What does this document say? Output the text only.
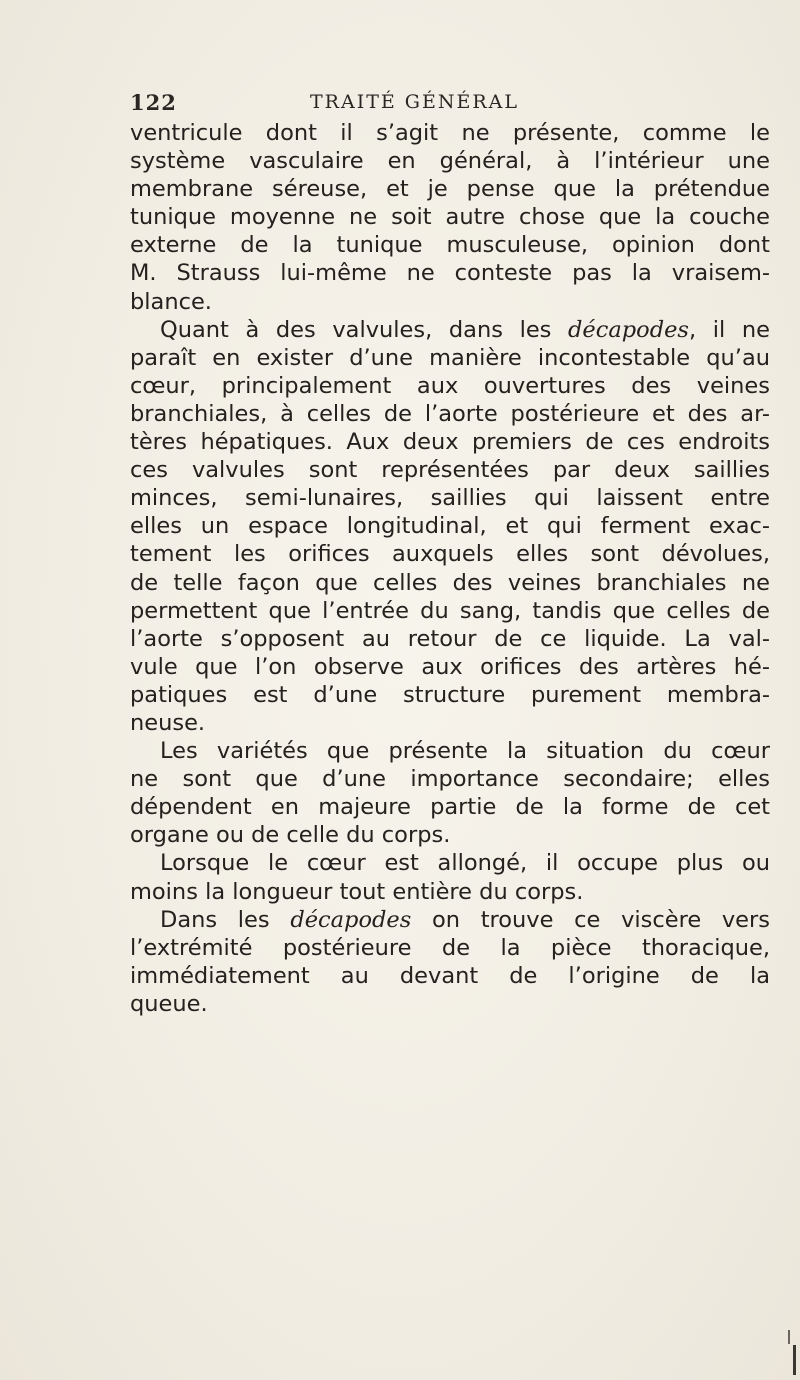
122	TRAITÉ GÉNÉRAL
ventricule dont il s’agit ne présente, comme le
système vasculaire en général, à l’intérieur une
membrane séreuse, et je pense que la prétendue
tunique moyenne ne soit autre chose que la couche
externe de la tunique musculeuse, opinion dont
M. Strauss lui-même ne conteste pas la vraisem-
blance.
Quant à des valvules, dans les décapodes, il ne
paraît en exister d’une manière incontestable qu’au
cœur, principalement aux ouvertures des veines
branchiales, à celles de l’aorte postérieure et des ar-
tères hépatiques. Aux deux premiers de ces endroits
ces valvules sont représentées par deux saillies
minces, semi-lunaires, saillies qui laissent entre
elles un espace longitudinal, et qui ferment exac-
tement les orifices auxquels elles sont dévolues,
de telle façon que celles des veines branchiales ne
permettent que l’entrée du sang, tandis que celles de
l’aorte s’opposent au retour de ce liquide. La val-
vule que l’on observe aux orifices des artères hé-
patiques est d’une structure purement membra-
neuse.
Les variétés que présente la situation du cœur
ne sont que d’une importance secondaire; elles
dépendent en majeure partie de la forme de cet
organe ou de celle du corps.
Lorsque le cœur est allongé, il occupe plus ou
moins la longueur tout entière du corps.
Dans les décapodes on trouve ce viscère vers
l’extrémité postérieure de la pièce thoracique,
immédiatement au devant de l’origine de la
queue.
